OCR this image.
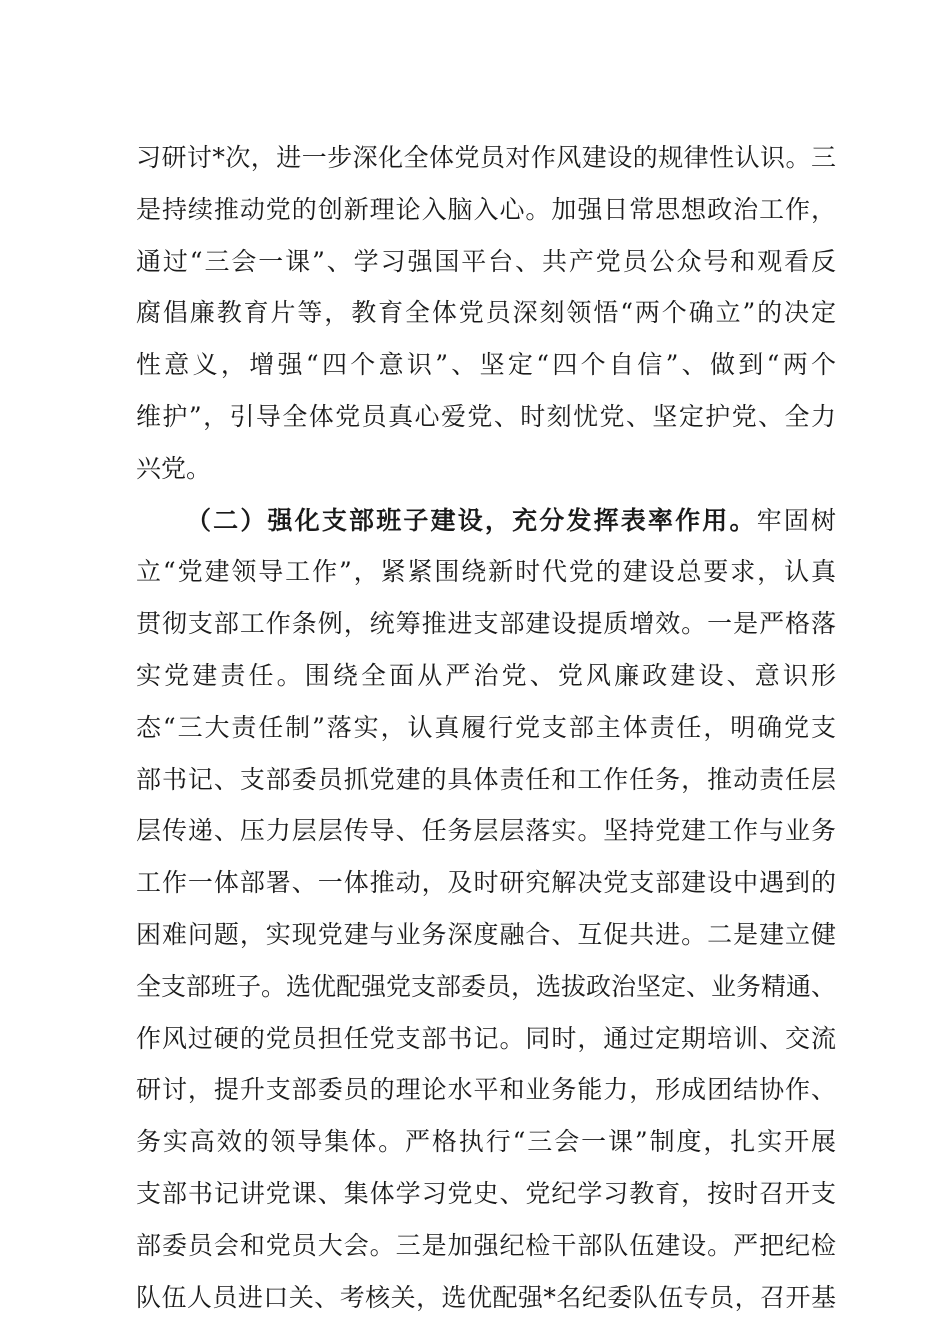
习研讨*次，进一步深化全体党员对作风建设的规律性认识。三
是持续推动党的创新理论入脑入心。加强日常思想政治工作，
通过“三会一课”、学习强国平台、共产党员公众号和观看反
腐倡廉教育片等，教育全体党员深刻领悟“两个确立”的决定
性意义，增强“四个意识”、坚定“四个自信”、做到“两个
维护”，引导全体党员真心爱党、时刻忧党、坚定护党、全力
兴党。
（二）强化支部班子建设，充分发挥表率作用。牢固树
立“党建领导工作”，紧紧围绕新时代党的建设总要求，认真
贯彻支部工作条例，统筹推进支部建设提质增效。一是严格落
实党建责任。围绕全面从严治党、党风廉政建设、意识形
态“三大责任制”落实，认真履行党支部主体责任，明确党支
部书记、支部委员抓党建的具体责任和工作任务，推动责任层
层传递、压力层层传导、任务层层落实。坚持党建工作与业务
工作一体部署、一体推动，及时研究解决党支部建设中遇到的
困难问题，实现党建与业务深度融合、互促共进。二是建立健
全支部班子。选优配强党支部委员，选拔政治坚定、业务精通、
作风过硬的党员担任党支部书记。同时，通过定期培训、交流
研讨，提升支部委员的理论水平和业务能力，形成团结协作、
务实高效的领导集体。严格执行“三会一课”制度，扎实开展
支部书记讲党课、集体学习党史、党纪学习教育，按时召开支
部委员会和党员大会。三是加强纪检干部队伍建设。严把纪检
队伍人员进口关、考核关，选优配强*名纪委队伍专员，召开基
